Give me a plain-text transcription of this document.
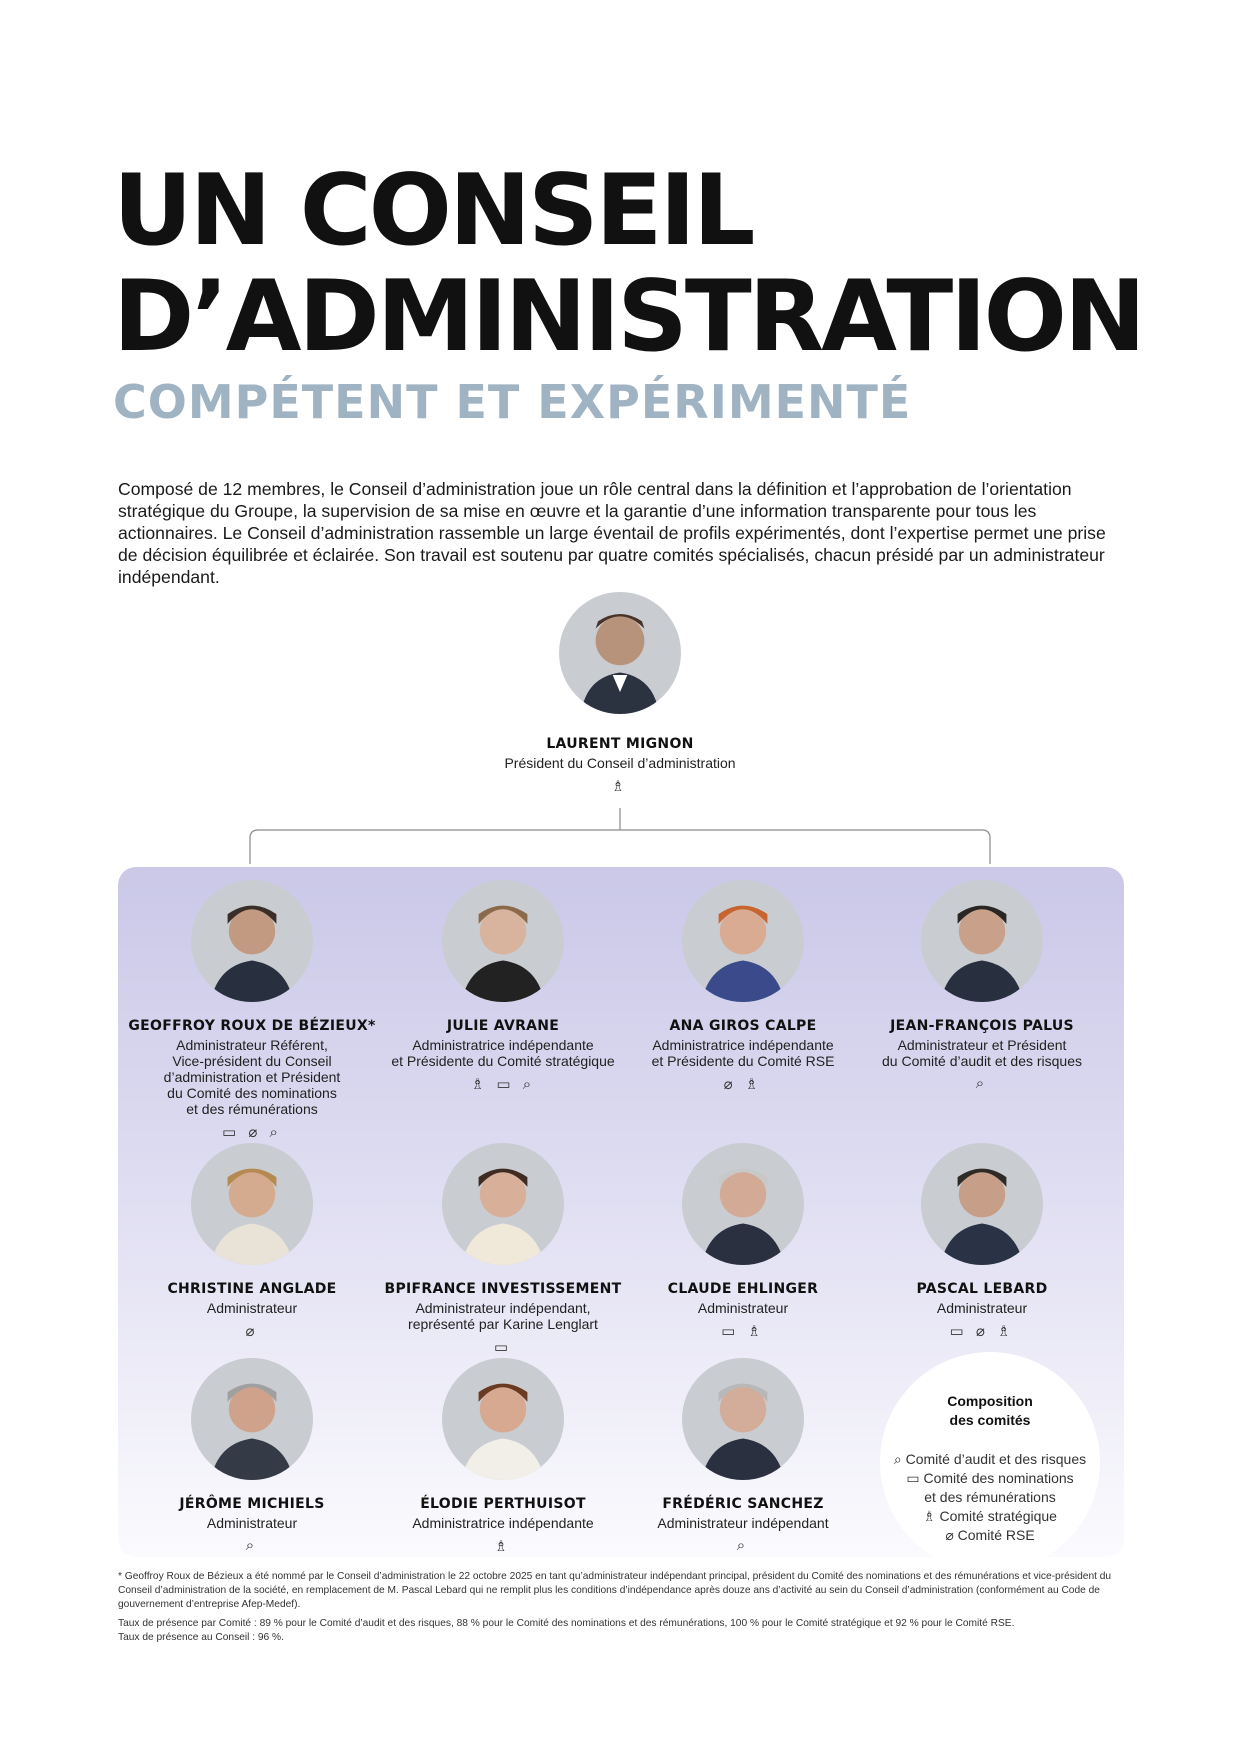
UN CONSEIL
D’ADMINISTRATION
COMPÉTENT ET EXPÉRIMENTÉ

Composé de 12 membres, le Conseil d’administration joue un rôle central dans la définition et l’approbation de l’orientation stratégique du Groupe, la supervision de sa mise en œuvre et la garantie d’une information transparente pour tous les actionnaires. Le Conseil d’administration rassemble un large éventail de profils expérimentés, dont l’expertise permet une prise de décision équilibrée et éclairée. Son travail est soutenu par quatre comités spécialisés, chacun présidé par un administrateur indépendant.

LAURENT MIGNON
Président du Conseil d’administration
♗
GEOFFROY ROUX DE BÉZIEUX*
Administrateur Référent,
Vice-président du Conseil
d’administration et Président
du Comité des nominations
et des rémunérations
▭ ⌀ ⌕
JULIE AVRANE
Administratrice indépendante
et Présidente du Comité stratégique
♗ ▭ ⌕
ANA GIROS CALPE
Administratrice indépendante
et Présidente du Comité RSE
⌀ ♗
JEAN-FRANÇOIS PALUS
Administrateur et Président
du Comité d’audit et des risques
⌕
CHRISTINE ANGLADE
Administrateur
⌀
BPIFRANCE INVESTISSEMENT
Administrateur indépendant,
représenté par Karine Lenglart
▭
CLAUDE EHLINGER
Administrateur
▭ ♗
PASCAL LEBARD
Administrateur
▭ ⌀ ♗
JÉRÔME MICHIELS
Administrateur
⌕
ÉLODIE PERTHUISOT
Administratrice indépendante
♗
FRÉDÉRIC SANCHEZ
Administrateur indépendant
⌕
Composition
des comités
⌕ Comité d’audit et des risques
▭ Comité des nominations
et des rémunérations
♗ Comité stratégique
⌀ Comité RSE

* Geoffroy Roux de Bézieux a été nommé par le Conseil d’administration le 22 octobre 2025 en tant qu’administrateur indépendant principal, président du Comité des nominations et des rémunérations et vice-président du Conseil d’administration de la société, en remplacement de M. Pascal Lebard qui ne remplit plus les conditions d’indépendance après douze ans d’activité au sein du Conseil d’administration (conformément au Code de gouvernement d’entreprise Afep-Medef).

Taux de présence par Comité : 89 % pour le Comité d’audit et des risques, 88 % pour le Comité des nominations et des rémunérations, 100 % pour le Comité stratégique et 92 % pour le Comité RSE.
Taux de présence au Conseil : 96 %.
